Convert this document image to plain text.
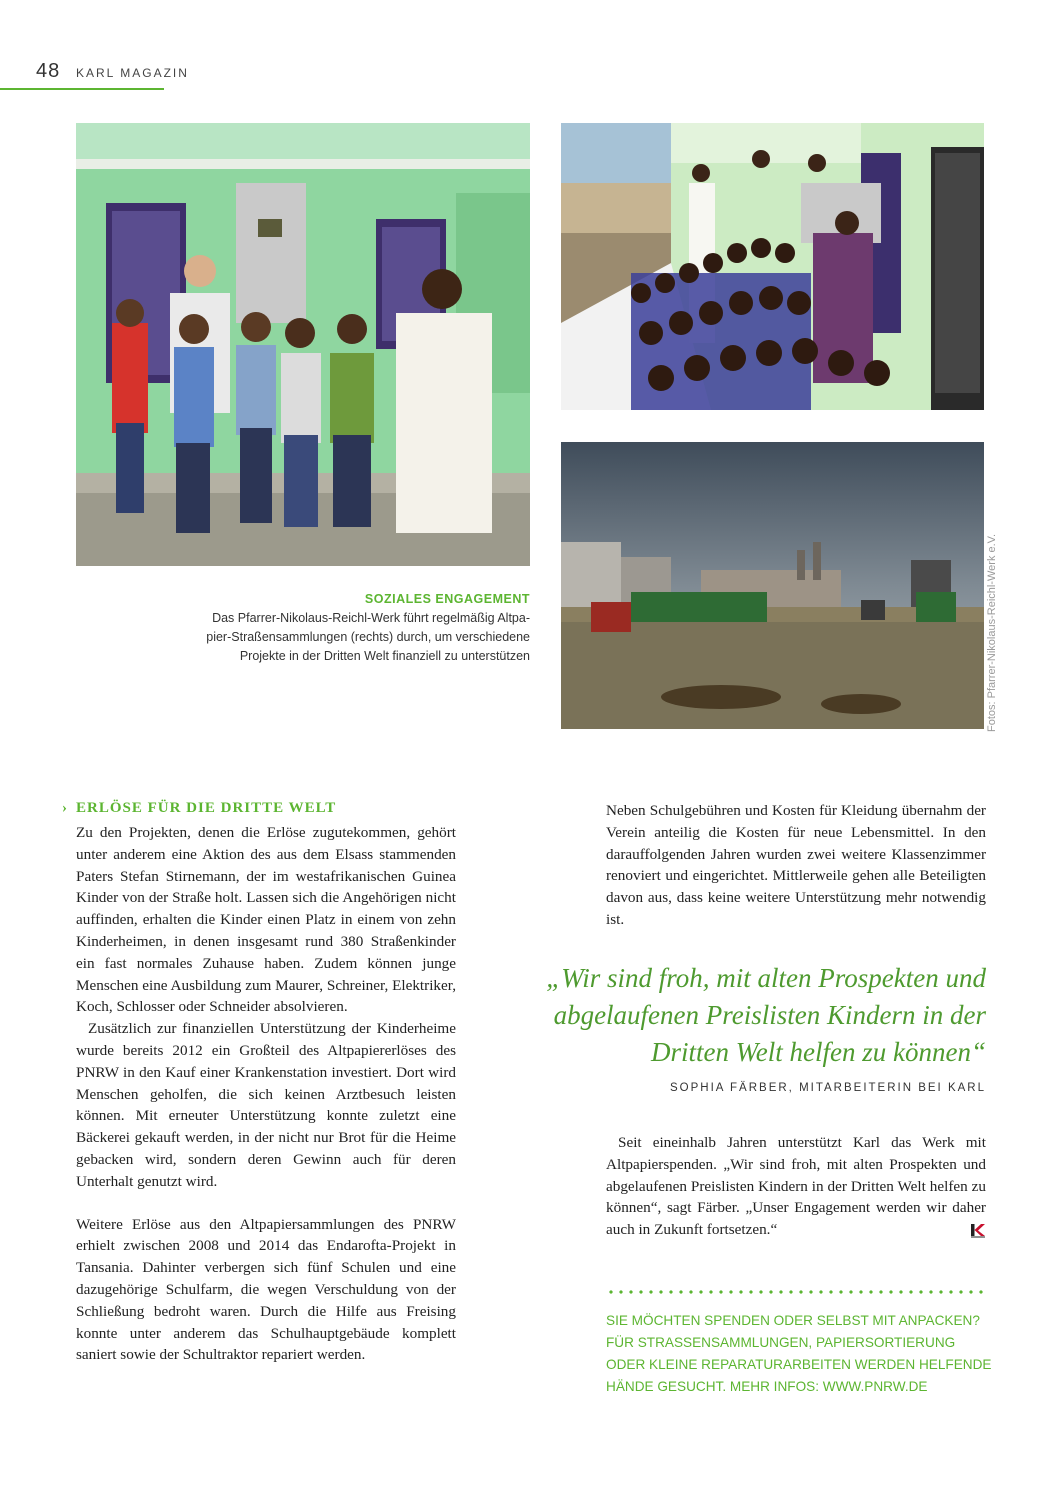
48 KARL MAGAZIN
SOZIALES ENGAGEMENT
Das Pfarrer-Nikolaus-Reichl-Werk führt regelmäßig Altpa-
pier-Straßensammlungen (rechts) durch, um verschiedene
Projekte in der Dritten Welt finanziell zu unterstützen	Fotos: Pfarrer-Nikolaus-Reichl-Werk e.V.
› ERLÖSE FÜR DIE DRITTE WELT

Zu den Projekten, denen die Erlöse zugutekommen, gehört unter anderem eine Aktion des aus dem Elsass stammenden Paters Stefan Stirnemann, der im westafrikanischen Guinea Kinder von der Straße holt. Lassen sich die Angehörigen nicht auffinden, erhalten die Kinder einen Platz in einem von zehn Kinderheimen, in denen insgesamt rund 380 Straßenkinder ein fast normales Zuhause haben. Zudem können junge Menschen eine Ausbildung zum Maurer, Schreiner, Elektriker, Koch, Schlosser oder Schneider absolvieren.

Zusätzlich zur finanziellen Unterstützung der Kinderheime wurde bereits 2012 ein Großteil des Altpapiererlöses des PNRW in den Kauf einer Krankenstation investiert. Dort wird Menschen geholfen, die sich keinen Arztbesuch leisten können. Mit erneuter Unterstützung konnte zuletzt eine Bäckerei gekauft werden, in der nicht nur Brot für die Heime gebacken wird, sondern deren Gewinn auch für deren Unterhalt genutzt wird.

Weitere Erlöse aus den Altpapiersammlungen des PNRW erhielt zwischen 2008 und 2014 das Endarofta-Projekt in Tansania. Dahinter verbergen sich fünf Schulen und eine dazugehörige Schulfarm, die wegen Verschuldung von der Schließung bedroht waren. Durch die Hilfe aus Freising konnte unter anderem das Schulhauptgebäude komplett saniert sowie der Schultraktor repariert werden.

Neben Schulgebühren und Kosten für Kleidung übernahm der Verein anteilig die Kosten für neue Lebensmittel. In den darauffolgenden Jahren wurden zwei weitere Klassenzimmer renoviert und eingerichtet. Mittlerweile gehen alle Beteiligten davon aus, dass keine weitere Unterstützung mehr notwendig ist.
„Wir sind froh, mit alten Prospekten und abgelaufenen Preislisten Kindern in der Dritten Welt helfen zu können“
SOPHIA FÄRBER, MITARBEITERIN BEI KARL
Seit eineinhalb Jahren unterstützt Karl das Werk mit Altpapierspenden. „Wir sind froh, mit alten Prospekten und abgelaufenen Preislisten Kindern in der Dritten Welt helfen zu können“, sagt Färber. „Unser Engagement werden wir daher auch in Zukunft fortsetzen.“
SIE MÖCHTEN SPENDEN ODER SELBST MIT ANPACKEN?
FÜR STRASSENSAMMLUNGEN, PAPIERSORTIERUNG
ODER KLEINE REPARATURARBEITEN WERDEN HELFENDE
HÄNDE GESUCHT. MEHR INFOS: WWW.PNRW.DE
